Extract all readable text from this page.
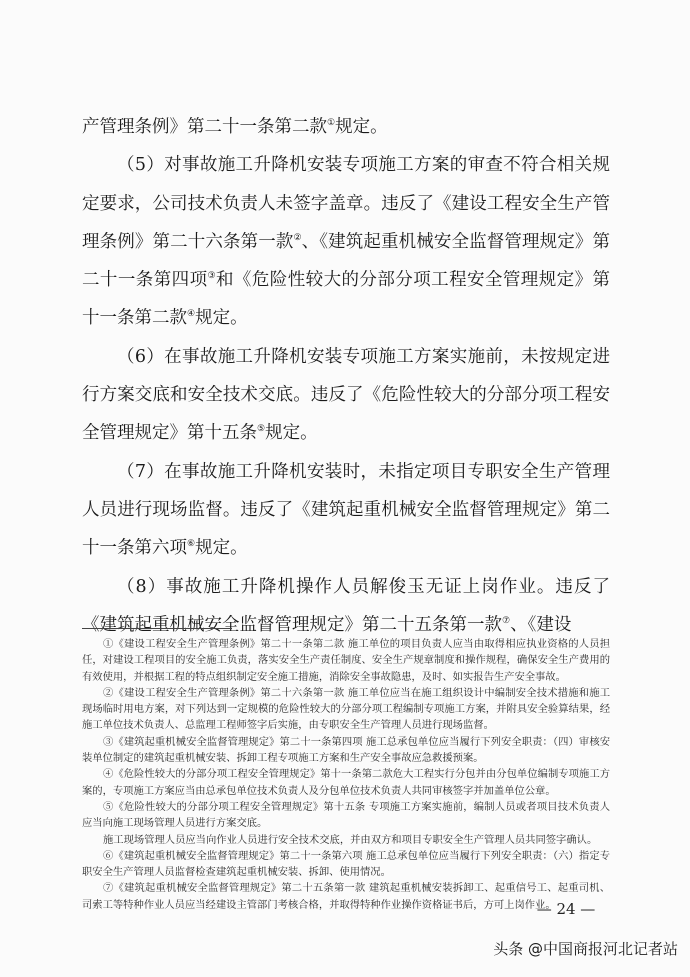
产管理条例》第二十一条第二款①规定。

（5）对事故施工升降机安装专项施工方案的审查不符合相关规定要求，公司技术负责人未签字盖章。违反了《建设工程安全生产管理条例》第二十六条第一款②、《建筑起重机械安全监督管理规定》第二十一条第四项③和《危险性较大的分部分项工程安全管理规定》第十一条第二款④规定。

（6）在事故施工升降机安装专项施工方案实施前，未按规定进行方案交底和安全技术交底。违反了《危险性较大的分部分项工程安全管理规定》第十五条⑤规定。

（7）在事故施工升降机安装时，未指定项目专职安全生产管理人员进行现场监督。违反了《建筑起重机械安全监督管理规定》第二十一条第六项⑥规定。

（8）事故施工升降机操作人员解俊玉无证上岗作业。违反了《建筑起重机械安全监督管理规定》第二十五条第一款⑦、《建设

①《建设工程安全生产管理条例》第二十一条第二款 施工单位的项目负责人应当由取得相应执业资格的人员担任，对建设工程项目的安全施工负责，落实安全生产责任制度、安全生产规章制度和操作规程，确保安全生产费用的有效使用，并根据工程的特点组织制定安全施工措施，消除安全事故隐患，及时、如实报告生产安全事故。

②《建设工程安全生产管理条例》第二十六条第一款 施工单位应当在施工组织设计中编制安全技术措施和施工现场临时用电方案，对下列达到一定规模的危险性较大的分部分项工程编制专项施工方案，并附具安全验算结果，经施工单位技术负责人、总监理工程师签字后实施，由专职安全生产管理人员进行现场监督。

③《建筑起重机械安全监督管理规定》第二十一条第四项 施工总承包单位应当履行下列安全职责：（四）审核安装单位制定的建筑起重机械安装、拆卸工程专项施工方案和生产安全事故应急救援预案。

④《危险性较大的分部分项工程安全管理规定》第十一条第二款危大工程实行分包并由分包单位编制专项施工方案的，专项施工方案应当由总承包单位技术负责人及分包单位技术负责人共同审核签字并加盖单位公章。

⑤《危险性较大的分部分项工程安全管理规定》第十五条 专项施工方案实施前，编制人员或者项目技术负责人应当向施工现场管理人员进行方案交底。

施工现场管理人员应当向作业人员进行安全技术交底，并由双方和项目专职安全生产管理人员共同签字确认。

⑥《建筑起重机械安全监督管理规定》第二十一条第六项 施工总承包单位应当履行下列安全职责：（六）指定专职安全生产管理人员监督检查建筑起重机械安装、拆卸、使用情况。

⑦《建筑起重机械安全监督管理规定》第二十五条第一款 建筑起重机械安装拆卸工、起重信号工、起重司机、司索工等特种作业人员应当经建设主管部门考核合格，并取得特种作业操作资格证书后，方可上岗作业。

— 24 —
头条 @中国商报河北记者站
